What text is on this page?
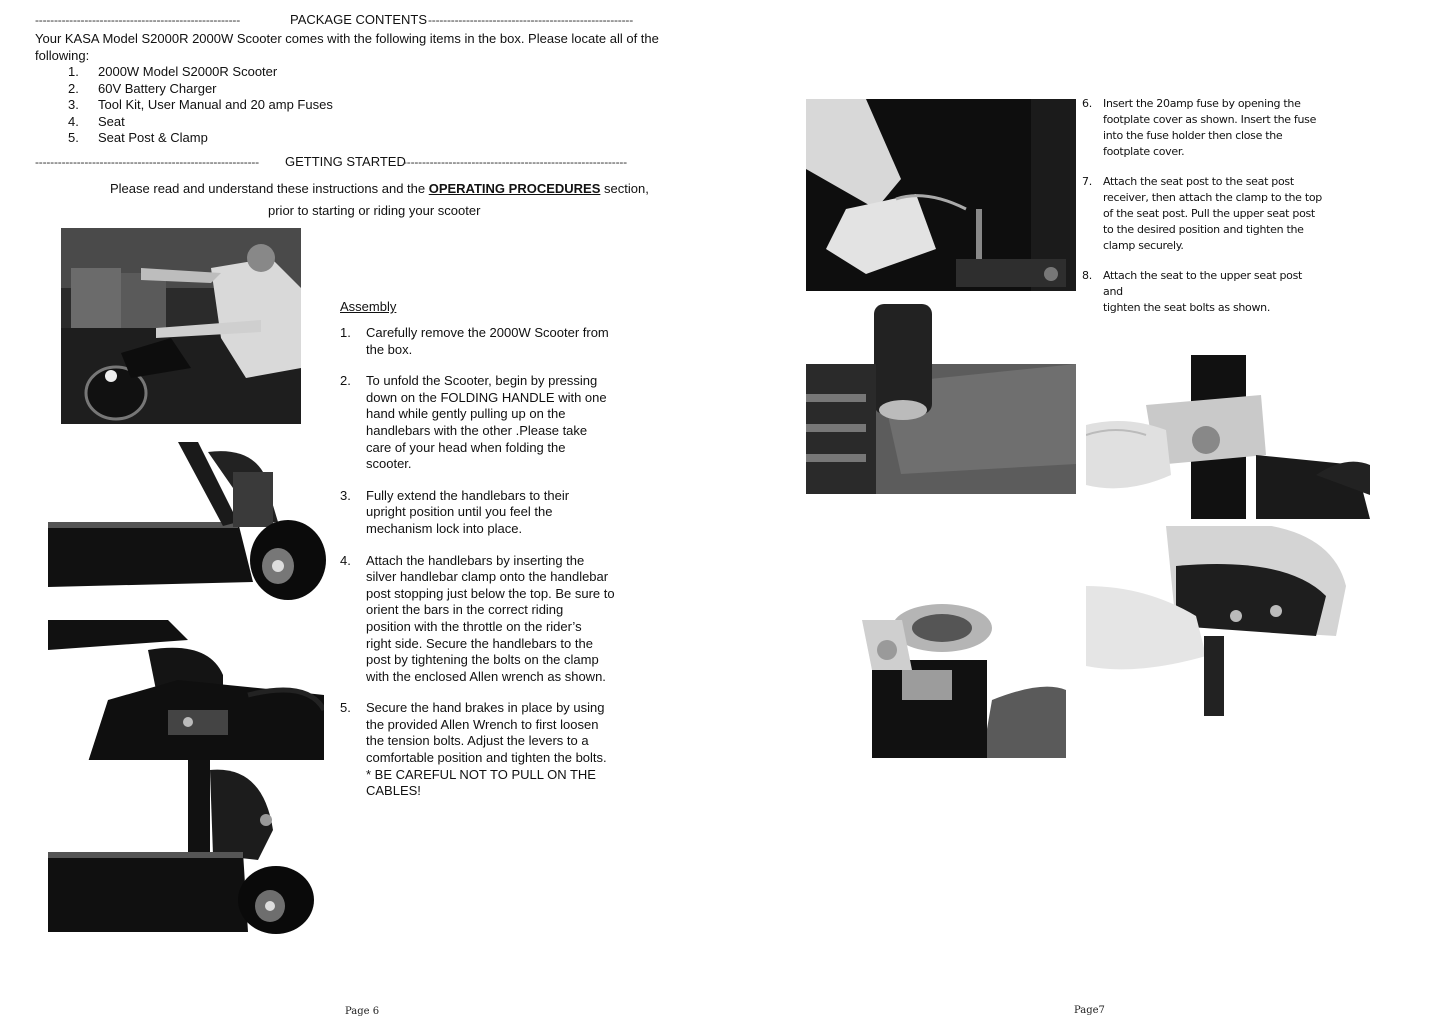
------------------------------------------------------	PACKAGE CONTENTS ------------------------------------------------------
Your KASA Model S2000R 2000W Scooter comes with the following items in the box. Please locate all of the following:
1.	2000W Model S2000R Scooter
2.	60V Battery Charger
3.	Tool Kit, User Manual and 20 amp Fuses
4.	Seat
5.	Seat Post & Clamp
----------------------------------------------------------- GETTING STARTED
-----------------------------------------------------------
Please read and understand these instructions and the OPERATING PROCEDURES section,
prior to starting or riding your scooter
Assembly
1.	Carefully remove the 2000W Scooter from
the box.
2.	To unfold the Scooter, begin by pressing
down on the FOLDING HANDLE with one
hand while gently pulling up on the
handlebars with the other .Please take
care of your head when folding the
scooter.
3.	Fully extend the handlebars to their
upright position until you feel the
mechanism lock into place.
4.	Attach the handlebars by inserting the
silver handlebar clamp onto the handlebar
post stopping just below the top. Be sure to
orient the bars in the correct riding
position with the throttle on the rider’s
right side. Secure the handlebars to the
post by tightening the bolts on the clamp
with the enclosed Allen wrench as shown.
5.	Secure the hand brakes in place by using
the provided Allen Wrench to first loosen
the tension bolts. Adjust the levers to a
comfortable position and tighten the bolts.
* BE CAREFUL NOT TO PULL ON THE
CABLES!
Page 6
6.	Insert the 20amp fuse by opening the
footplate cover as shown. Insert the fuse
into the fuse holder then close the
footplate cover.
7.	Attach the seat post to the seat post
receiver, then attach the clamp to the top
of the seat post. Pull the upper seat post
to the desired position and tighten the
clamp securely.
8.	Attach the seat to the upper seat post and
tighten the seat bolts as shown.
Page7
